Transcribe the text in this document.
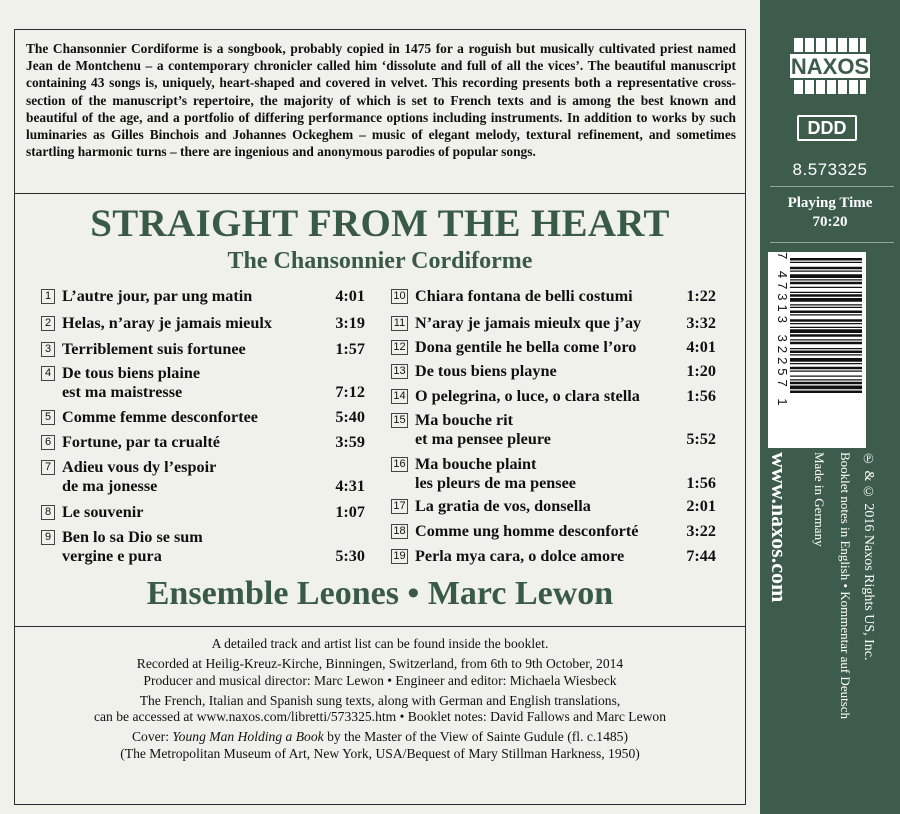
The Chansonnier Cordiforme is a songbook, probably copied in 1475 for a roguish but musically cultivated priest named Jean de Montchenu – a contemporary chronicler called him ‘dissolute and full of all the vices’. The beautiful manuscript containing 43 songs is, uniquely, heart-shaped and covered in velvet. This recording presents both a representative cross-section of the manuscript’s repertoire, the majority of which is set to French texts and is among the best known and beautiful of the age, and a portfolio of differing performance options including instruments. In addition to works by such luminaries as Gilles Binchois and Johannes Ockeghem – music of elegant melody, textural refinement, and sometimes startling harmonic turns – there are ingenious and anonymous parodies of popular songs.

STRAIGHT FROM THE HEART
The Chansonnier Cordiforme
1 L’autre jour, par ung matin	4:01
2 Helas, n’aray je jamais mieulx	3:19
3 Terriblement suis fortunee	1:57
4 De tous biens plaine
est ma maistresse	7:12
5 Comme femme desconfortee	5:40
6 Fortune, par ta crualté	3:59
7 Adieu vous dy l’espoir
de ma jonesse	4:31
8 Le souvenir	1:07
9 Ben lo sa Dio se sum
vergine e pura	5:30
10 Chiara fontana de belli costumi	1:22
11 N’aray je jamais mieulx que j’ay	3:32
12 Dona gentile he bella come l’oro	4:01
13 De tous biens playne	1:20
14 O pelegrina, o luce, o clara stella	1:56
15 Ma bouche rit
et ma pensee pleure	5:52
16 Ma bouche plaint
les pleurs de ma pensee	1:56
17 La gratia de vos, donsella	2:01
18 Comme ung homme desconforté	3:22
19 Perla mya cara, o dolce amore	7:44
Ensemble Leones • Marc Lewon
A detailed track and artist list can be found inside the booklet.
Recorded at Heilig-Kreuz-Kirche, Binningen, Switzerland, from 6th to 9th October, 2014
Producer and musical director: Marc Lewon • Engineer and editor: Michaela Wiesbeck
The French, Italian and Spanish sung texts, along with German and English translations,
can be accessed at www.naxos.com/libretti/573325.htm • Booklet notes: David Fallows and Marc Lewon
Cover: Young Man Holding a Book by the Master of the View of Sainte Gudule (fl. c.1485)
(The Metropolitan Museum of Art, New York, USA/Bequest of Mary Stillman Harkness, 1950)
NAXOS
DDD
8.573325
Playing Time
70:20
7 47313 32257 1
www.naxos.com	℗ & © 2016 Naxos Rights US, Inc.
Booklet notes in English • Kommentar auf Deutsch
Made in Germany
